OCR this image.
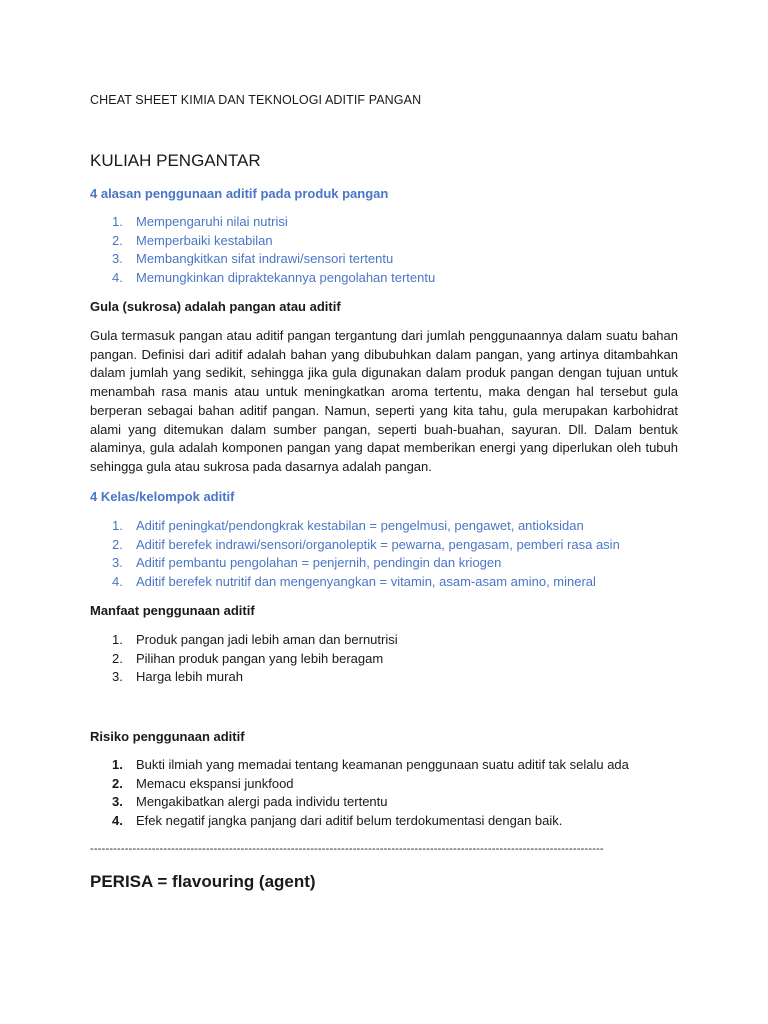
CHEAT SHEET KIMIA DAN TEKNOLOGI ADITIF PANGAN
KULIAH PENGANTAR
4 alasan penggunaan aditif pada produk pangan
1. Mempengaruhi nilai nutrisi
2. Memperbaiki kestabilan
3. Membangkitkan sifat indrawi/sensori tertentu
4. Memungkinkan dipraktekannya pengolahan tertentu
Gula (sukrosa) adalah pangan atau aditif

Gula termasuk pangan atau aditif pangan tergantung dari jumlah penggunaannya dalam suatu bahan pangan. Definisi dari aditif adalah bahan yang dibubuhkan dalam pangan, yang artinya ditambahkan dalam jumlah yang sedikit, sehingga jika gula digunakan dalam produk pangan dengan tujuan untuk menambah rasa manis atau untuk meningkatkan aroma tertentu, maka dengan hal tersebut gula berperan sebagai bahan aditif pangan. Namun, seperti yang kita tahu, gula merupakan karbohidrat alami yang ditemukan dalam sumber pangan, seperti buah-buahan, sayuran. Dll. Dalam bentuk alaminya, gula adalah komponen pangan yang dapat memberikan energi yang diperlukan oleh tubuh sehingga gula atau sukrosa pada dasarnya adalah pangan.

4 Kelas/kelompok aditif
1. Aditif peningkat/pendongkrak kestabilan = pengelmusi, pengawet, antioksidan
2. Aditif berefek indrawi/sensori/organoleptik = pewarna, pengasam, pemberi rasa asin
3. Aditif pembantu pengolahan = penjernih, pendingin dan kriogen
4. Aditif berefek nutritif dan mengenyangkan = vitamin, asam-asam amino, mineral
Manfaat penggunaan aditif
1. Produk pangan jadi lebih aman dan bernutrisi
2. Pilihan produk pangan yang lebih beragam
3. Harga lebih murah
Risiko penggunaan aditif
1. Bukti ilmiah yang memadai tentang keamanan penggunaan suatu aditif tak selalu ada
2. Memacu ekspansi junkfood
3. Mengakibatkan alergi pada individu tertentu
4. Efek negatif jangka panjang dari aditif belum terdokumentasi dengan baik.
-------------------------------------------------------------------------------------------------------------------------------------
PERISA = flavouring (agent)
